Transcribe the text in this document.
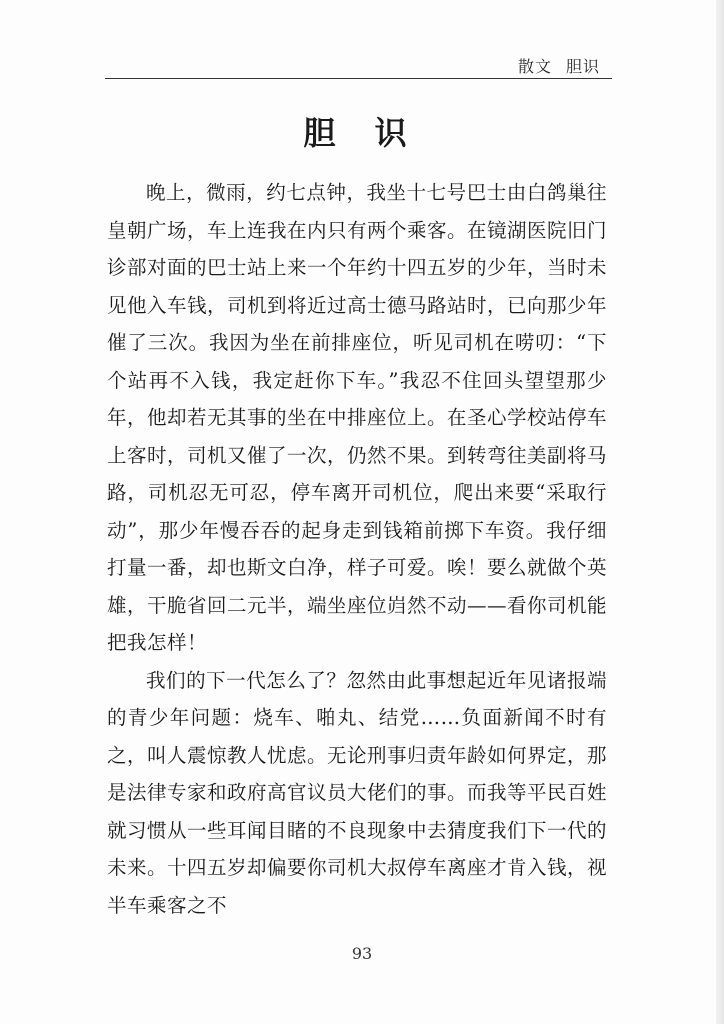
散文 胆识
胆 识

晚上，微雨，约七点钟，我坐十七号巴士由白鸽巢往皇朝广场，车上连我在内只有两个乘客。在镜湖医院旧门诊部对面的巴士站上来一个年约十四五岁的少年，当时未见他入车钱，司机到将近过高士德马路站时，已向那少年催了三次。我因为坐在前排座位，听见司机在唠叨：“下个站再不入钱，我定赶你下车。”我忍不住回头望望那少年，他却若无其事的坐在中排座位上。在圣心学校站停车上客时，司机又催了一次，仍然不果。到转弯往美副将马路，司机忍无可忍，停车离开司机位，爬出来要“采取行动”，那少年慢吞吞的起身走到钱箱前掷下车资。我仔细打量一番，却也斯文白净，样子可爱。唉！要么就做个英雄，干脆省回二元半，端坐座位岿然不动——看你司机能把我怎样！

我们的下一代怎么了？忽然由此事想起近年见诸报端的青少年问题：烧车、啪丸、结党……负面新闻不时有之，叫人震惊教人忧虑。无论刑事归责年龄如何界定，那是法律专家和政府高官议员大佬们的事。而我等平民百姓就习惯从一些耳闻目睹的不良现象中去猜度我们下一代的未来。十四五岁却偏要你司机大叔停车离座才肯入钱，视半车乘客之不

93
